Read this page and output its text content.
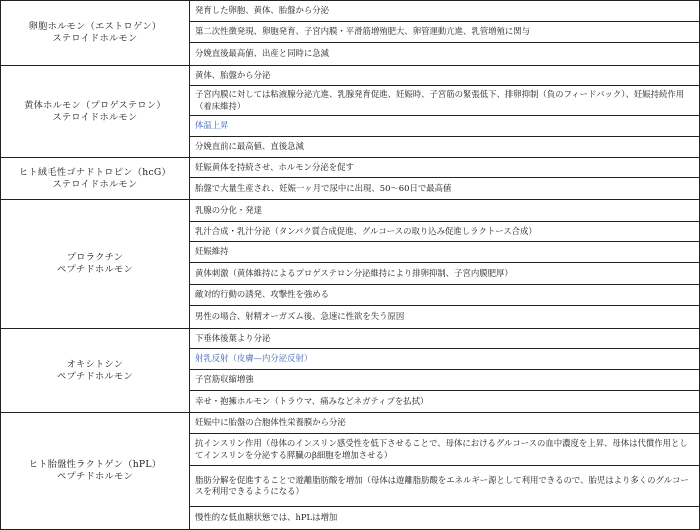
卵胞ホルモン（エストロゲン）
ステロイドホルモン
発育した卵胞、黄体、胎盤から分泌
第二次性徴発現、卵胞発育、子宮内膜・平滑筋増殖肥大、卵管運動亢進、乳管増殖に関与
分娩直後最高値、出産と同時に急減
黄体ホルモン（プロゲステロン）
ステロイドホルモン
黄体、胎盤から分泌
子宮内膜に対しては粘液腺分泌亢進、乳腺発育促進、妊娠時、子宮筋の緊張低下、排卵抑制（負のフィードバック）、妊娠持続作用（着床維持）
体温上昇
分娩直前に最高値、直後急減
ヒト絨毛性ゴナドトロピン（hcG）
ステロイドホルモン
妊娠黄体を持続させ、ホルモン分泌を促す
胎盤で大量生産され、妊娠一ヶ月で尿中に出現、50〜60日で最高値
プロラクチン
ペプチドホルモン
乳腺の分化・発達
乳汁合成・乳汁分泌（タンパク質合成促進、グルコースの取り込み促進しラクトース合成）
妊娠維持
黄体刺激（黄体維持によるプロゲステロン分泌維持により排卵抑制、子宮内膜肥厚）
敵対的行動の誘発、攻撃性を強める
男性の場合、射精オーガズム後、急速に性欲を失う原因
オキシトシン
ペプチドホルモン
下垂体後葉より分泌
射乳反射（皮膚—内分泌反射）
子宮筋収縮増強
幸せ・抱擁ホルモン（トラウマ、痛みなどネガティブを払拭）
ヒト胎盤性ラクトゲン（hPL）
ペプチドホルモン
妊娠中に胎盤の合胞体性栄養膜から分泌
抗インスリン作用（母体のインスリン感受性を低下させることで、母体におけるグルコースの血中濃度を上昇、母体は代償作用としてインスリンを分泌する膵臓のβ細胞を増加させる）
脂肪分解を促進することで遊離脂肪酸を増加（母体は遊離脂肪酸をエネルギー源として利用できるので、胎児はより多くのグルコースを利用できるようになる）
慢性的な低血糖状態では、hPLは増加
